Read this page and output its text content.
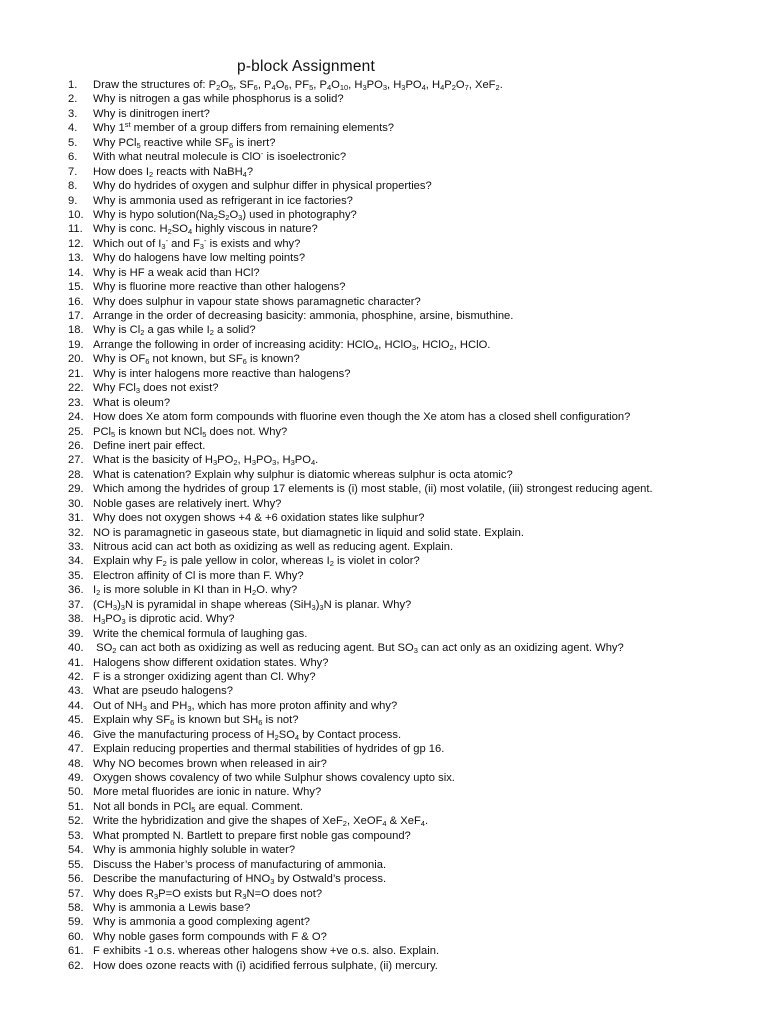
p-block Assignment
1.	Draw the structures of: $P_2O_5$, $SF_6$, $P_4O_6$, $PF_5$, $P_4O_{10}$, $H_3PO_3$, $H_3PO_4$, $H_4P_2O_7$, XeF$_2$.
2.	Why is nitrogen a gas while phosphorus is a solid?
3.	Why is dinitrogen inert?
4.	Why 1st member of a group differs from remaining elements?
5.	Why PCl$_5$ reactive while $SF_6$ is inert?
6.	With what neutral molecule is ClO- is isoelectronic?
7.	How does $I_2$ reacts with NaBH$_4$?
8.	Why do hydrides of oxygen and sulphur differ in physical properties?
9.	Why is ammonia used as refrigerant in ice factories?
10. Why is hypo $solution(Na_2S_2O_3)$ used in photography?
11. Why is conc. $H_2SO_4$ highly viscous in nature?
12. Which out of $I_3^-$ and $F_3^-$ is exists and why?
13. Why do halogens have low melting points?
14. Why is HF a weak acid than HCl?
15. Why is fluorine more reactive than other halogens?
16. Why does sulphur in vapour state shows paramagnetic character?
17. Arrange in the order of decreasing basicity: ammonia, phosphine, arsine, bismuthine.
18. Why is $Cl_2$ a gas while $I_2$ a solid?
19. Arrange the following in order of increasing acidity: HClO$_4$, HClO$_3$, HClO$_2$, HClO.
20. Why is $OF_6$ not known, but $SF_6$ is known?
21. Why is inter halogens more reactive than halogens?
22. Why FCl$_3$ does not exist?
23. What is oleum?
24. How does Xe atom form compounds with fluorine even though the Xe atom has a closed shell configuration?
25. PCl$_5$ is known but NCl$_5$ does not. Why?
26. Define inert pair effect.
27. What is the basicity of $H_3PO_2$, $H_3PO_3$, $H_3PO_4$.
28. What is catenation? Explain why sulphur is diatomic whereas sulphur is octa atomic?
29. Which among the hydrides of group 17 elements is (i) most stable, (ii) most volatile, (iii) strongest reducing agent.
30. Noble gases are relatively inert. Why?
31. Why does not oxygen shows +4 & +6 oxidation states like sulphur?
32. NO is paramagnetic in gaseous state, but diamagnetic in liquid and solid state. Explain.
33. Nitrous acid can act both as oxidizing as well as reducing agent. Explain.
34. Explain why $F_2$ is pale yellow in color, whereas $I_2$ is violet in color?
35. Electron affinity of Cl is more than F. Why?
36. $I_2$ is more soluble in KI than in $H_2O$. why?
37. $(CH_3)_3N$ is pyramidal in shape whereas $(SiH_3)_3N$ is planar. Why?
38. $H_3PO_3$ is diprotic acid. Why?
39. Write the chemical formula of laughing gas.
40. $SO_2$ can act both as oxidizing as well as reducing agent. But $SO_3$ can act only as an oxidizing agent. Why?
41. Halogens show different oxidation states. Why?
42. F is a stronger oxidizing agent than Cl. Why?
43. What are pseudo halogens?
44. Out of $NH_3$ and $PH_3$, which has more proton affinity and why?
45. Explain why $SF_6$ is known but $SH_6$ is not?
46. Give the manufacturing process of $H_2SO_4$ by Contact process.
47. Explain reducing properties and thermal stabilities of hydrides of gp 16.
48. Why NO becomes brown when released in air?
49. Oxygen shows covalency of two while Sulphur shows covalency upto six.
50. More metal fluorides are ionic in nature. Why?
51. Not all bonds in PCl$_5$ are equal. Comment.
52. Write the hybridization and give the shapes of XeF$_2$, XeOF$_4$ & XeF$_4$.
53. What prompted N. Bartlett to prepare first noble gas compound?
54. Why is ammonia highly soluble in water?
55. Discuss the Haber’s process of manufacturing of ammonia.
56. Describe the manufacturing of $HNO_3$ by Ostwald’s process.
57. Why does $R_3P=O$ exists but $R_3N=O$ does not?
58. Why is ammonia a Lewis base?
59. Why is ammonia a good complexing agent?
60. Why noble gases form compounds with F & O?
61. F exhibits -1 o.s. whereas other halogens show +ve o.s. also. Explain.
62. How does ozone reacts with (i) acidified ferrous sulphate, (ii) mercury.
